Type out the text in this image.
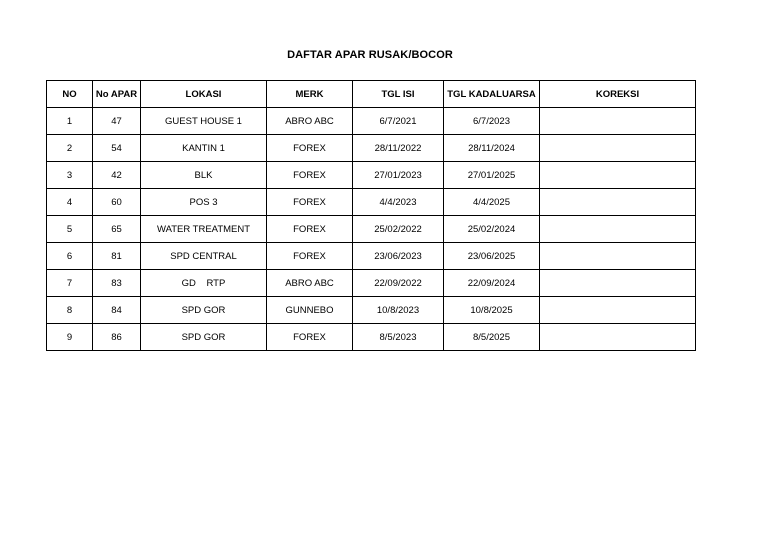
DAFTAR APAR RUSAK/BOCOR
NO	No APAR	LOKASI	MERK	TGL ISI	TGL KADALUARSA	KOREKSI
1	47	GUEST HOUSE 1	ABRO ABC	6/7/2021	6/7/2023	
2	54	KANTIN 1	FOREX	28/11/2022	28/11/2024	
3	42	BLK	FOREX	27/01/2023	27/01/2025	
4	60	POS 3	FOREX	4/4/2023	4/4/2025	
5	65	WATER TREATMENT	FOREX	25/02/2022	25/02/2024	
6	81	SPD CENTRAL	FOREX	23/06/2023	23/06/2025	
7	83	GD    RTP	ABRO ABC	22/09/2022	22/09/2024	
8	84	SPD GOR	GUNNEBO	10/8/2023	10/8/2025	
9	86	SPD GOR	FOREX	8/5/2023	8/5/2025	
